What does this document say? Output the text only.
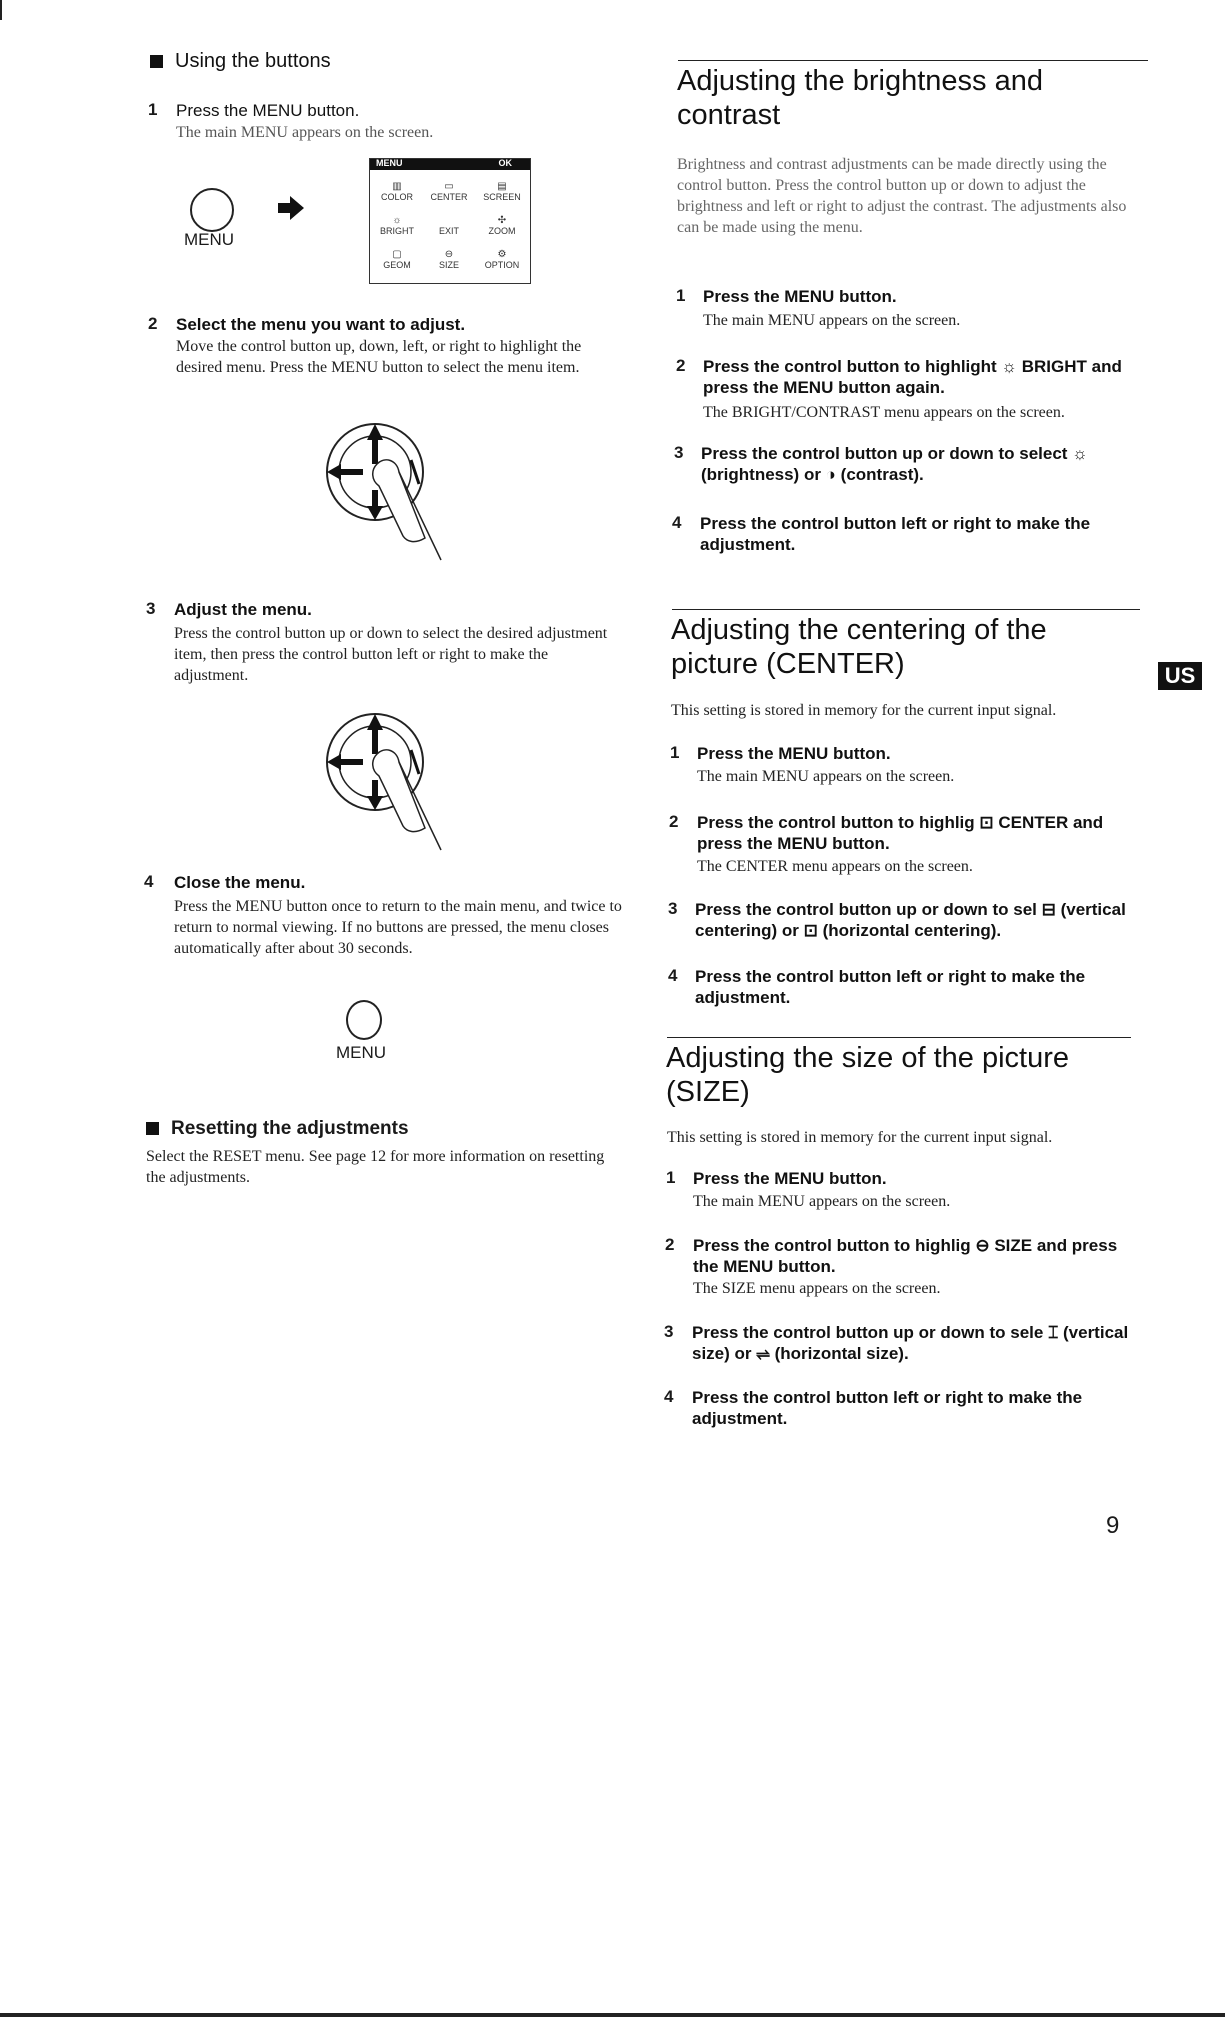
Using the buttons
1 Press the MENU button.
The main MENU appears on the screen.
MENU
MENU	OK
▥
COLOR
▭
CENTER
▤
SCREEN
☼
BRIGHT
	EXIT
✣
ZOOM
▢
GEOM
⊖
SIZE
⚙
OPTION
2 Select the menu you want to adjust.
Move the control button up, down, left, or right to highlight the desired menu. Press the MENU button to select the menu item.
3 Adjust the menu.
Press the control button up or down to select the desired adjustment item, then press the control button left or right to make the adjustment.
4 Close the menu.
Press the MENU button once to return to the main menu, and twice to return to normal viewing. If no buttons are pressed, the menu closes automatically after about 30 seconds.
MENU
Resetting the adjustments
Select the RESET menu. See page 12 for more information on resetting the adjustments.
Adjusting the brightness and contrast
Brightness and contrast adjustments can be made directly using the control button. Press the control button up or down to adjust the brightness and left or right to adjust the contrast. The adjustments also can be made using the menu.
1 Press the MENU button.
The main MENU appears on the screen.
2 Press the control button to highlight ☼ BRIGHT and press the MENU button again.
The BRIGHT/CONTRAST menu appears on the screen.
3 Press the control button up or down to select ☼ (brightness) or ◑ (contrast).
4 Press the control button left or right to make the adjustment.
Adjusting the centering of the picture (CENTER)
This setting is stored in memory for the current input signal.
1 Press the MENU button.
The main MENU appears on the screen.
2 Press the control button to highlig ⊡ CENTER and press the MENU button.
The CENTER menu appears on the screen.
3 Press the control button up or down to sel ⊟ (vertical centering) or ⊡ (horizontal centering).
4 Press the control button left or right to make the adjustment.
Adjusting the size of the picture (SIZE)
This setting is stored in memory for the current input signal.
1 Press the MENU button.
The main MENU appears on the screen.
2 Press the control button to highlig ⊖ SIZE and press the MENU button.
The SIZE menu appears on the screen.
3 Press the control button up or down to sele ⌶ (vertical size) or ⇌ (horizontal size).
4 Press the control button left or right to make the adjustment.
US
9
